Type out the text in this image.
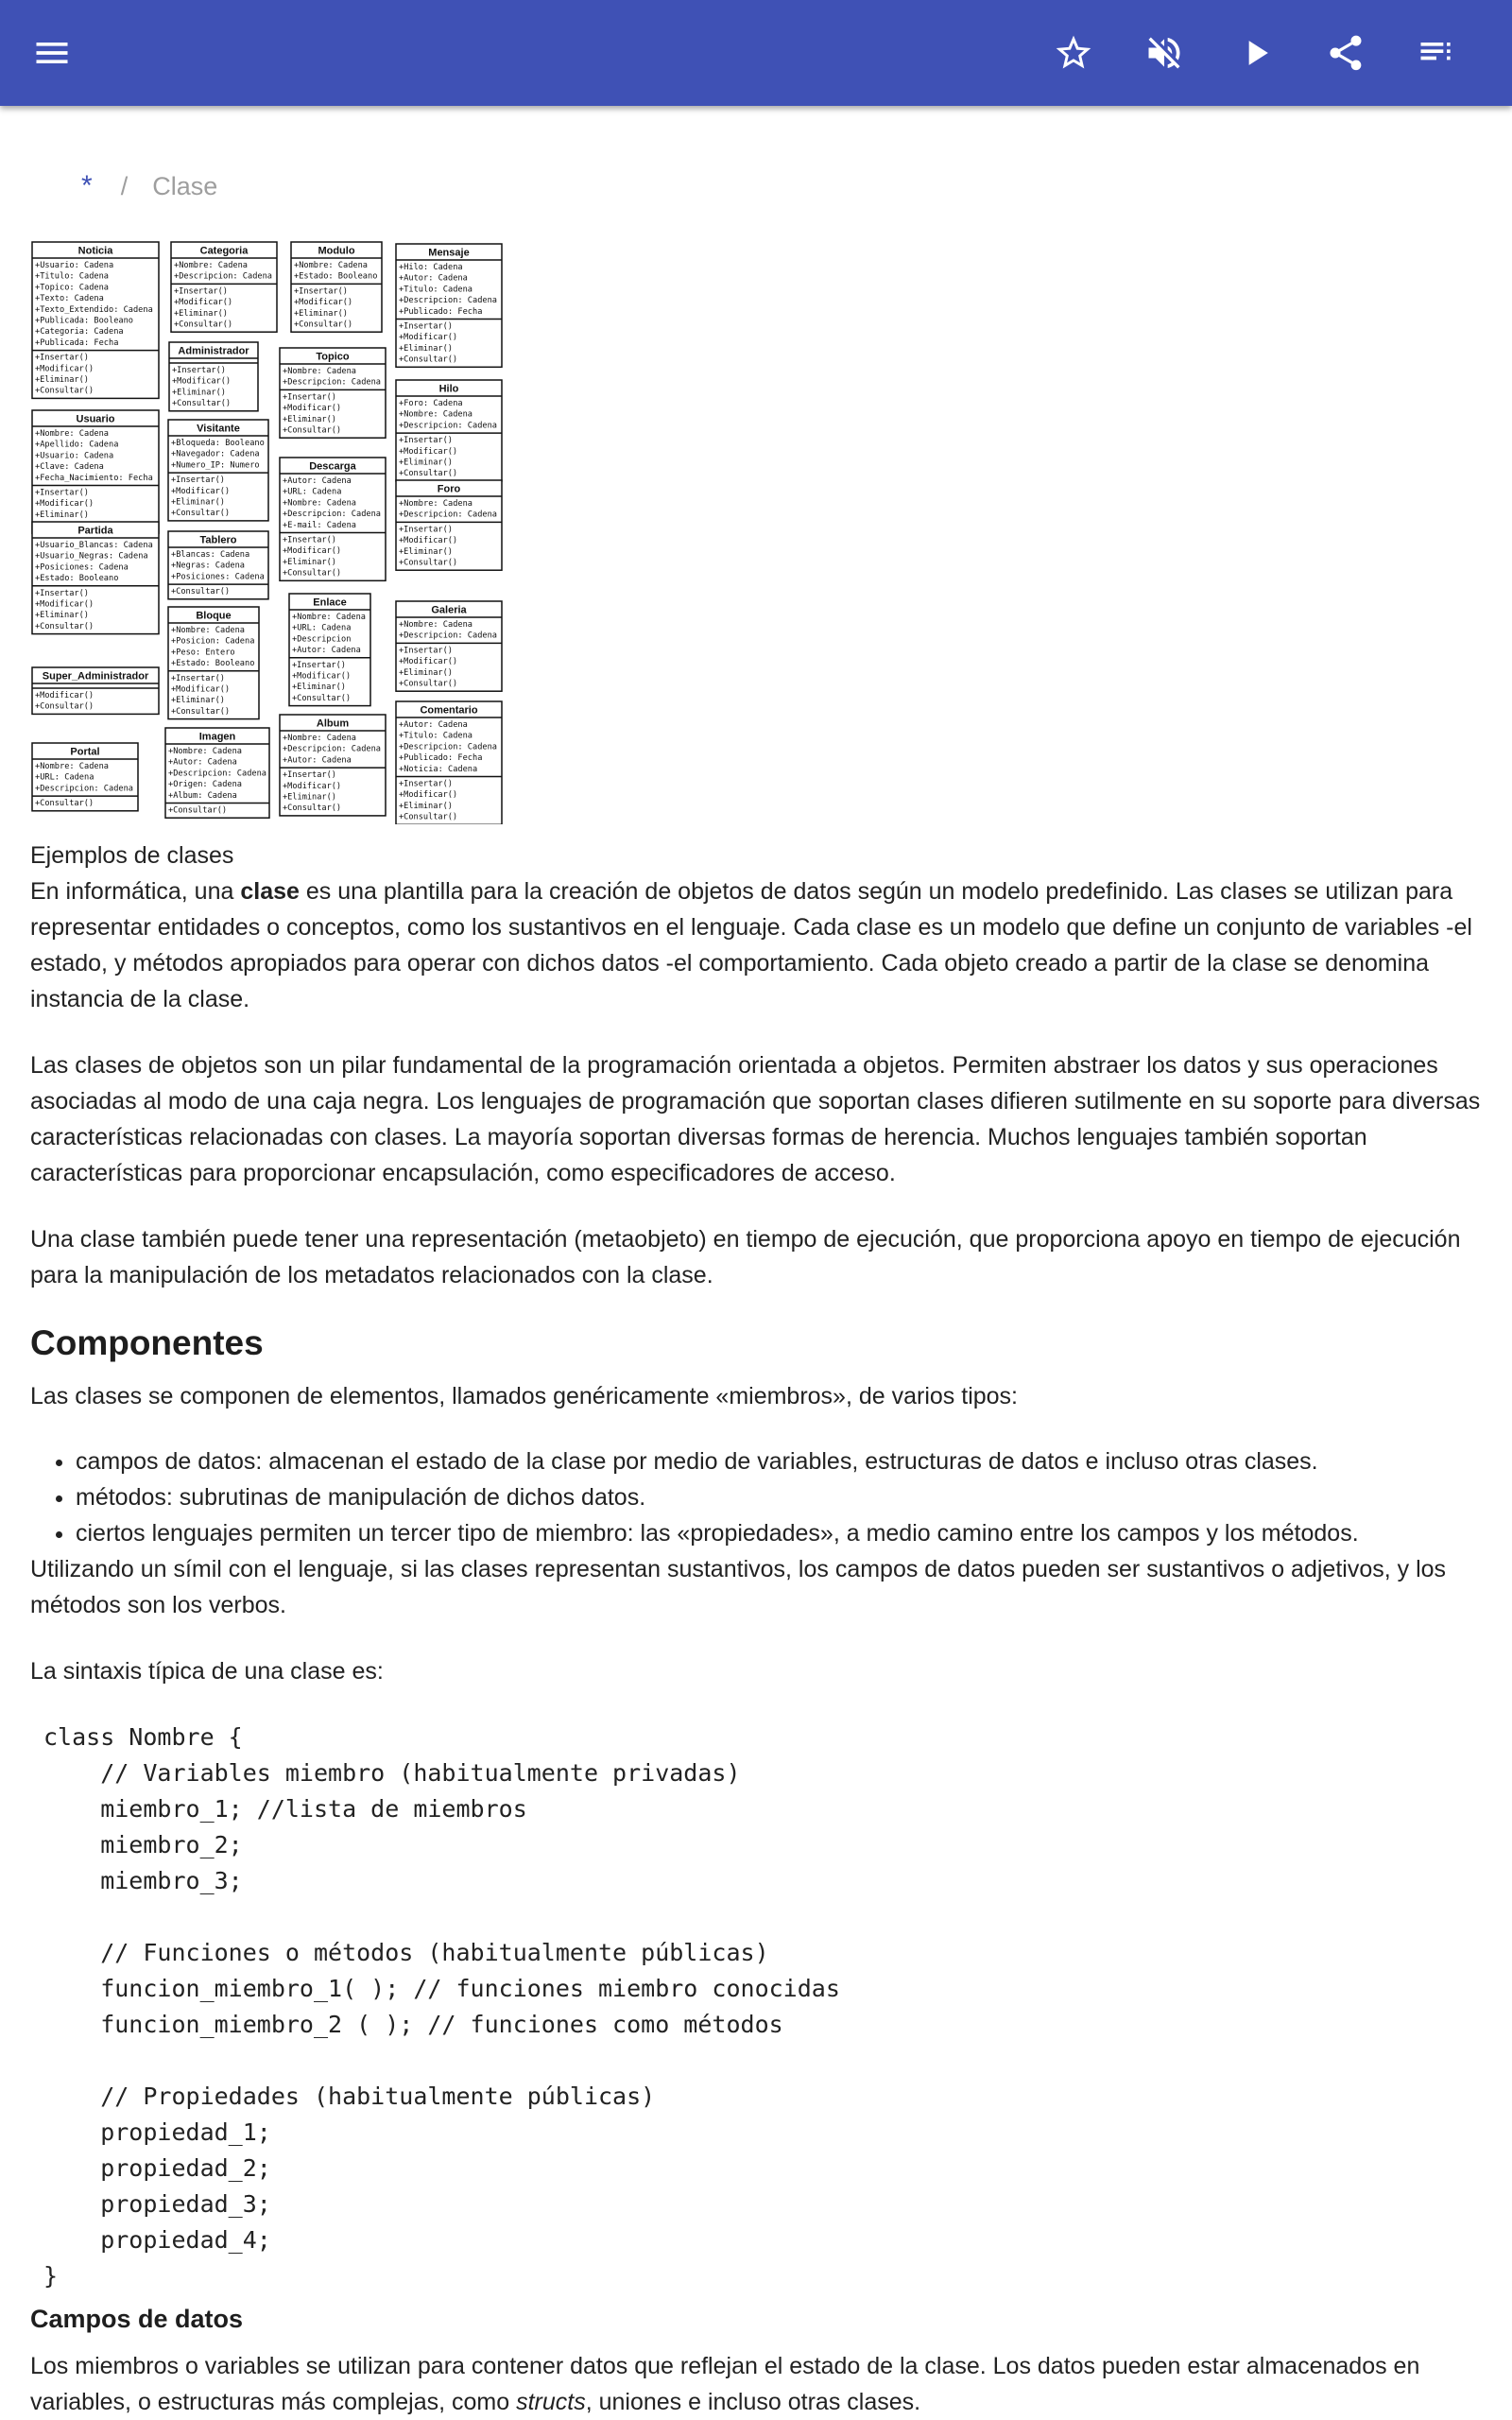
* / Clase
Noticia
+Usuario: Cadena
+Titulo: Cadena
+Topico: Cadena
+Texto: Cadena
+Texto_Extendido: Cadena
+Publicada: Booleano
+Categoria: Cadena
+Publicada: Fecha
+Insertar()
+Modificar()
+Eliminar()
+Consultar()
Categoria
+Nombre: Cadena
+Descripcion: Cadena
+Insertar()
+Modificar()
+Eliminar()
+Consultar()
Modulo
+Nombre: Cadena
+Estado: Booleano
+Insertar()
+Modificar()
+Eliminar()
+Consultar()
Mensaje
+Hilo: Cadena
+Autor: Cadena
+Titulo: Cadena
+Descripcion: Cadena
+Publicado: Fecha
+Insertar()
+Modificar()
+Eliminar()
+Consultar()
Administrador
+Insertar()
+Modificar()
+Eliminar()
+Consultar()
Topico
+Nombre: Cadena
+Descripcion: Cadena
+Insertar()
+Modificar()
+Eliminar()
+Consultar()
Hilo
+Foro: Cadena
+Nombre: Cadena
+Descripcion: Cadena
+Insertar()
+Modificar()
+Eliminar()
+Consultar()
Usuario
+Nombre: Cadena
+Apellido: Cadena
+Usuario: Cadena
+Clave: Cadena
+Fecha_Nacimiento: Fecha
+Insertar()
+Modificar()
+Eliminar()
Visitante
+Bloqueda: Booleano
+Navegador: Cadena
+Numero_IP: Numero
+Insertar()
+Modificar()
+Eliminar()
+Consultar()
Descarga
+Autor: Cadena
+URL: Cadena
+Nombre: Cadena
+Descripcion: Cadena
+E-mail: Cadena
+Insertar()
+Modificar()
+Eliminar()
+Consultar()
Foro
+Nombre: Cadena
+Descripcion: Cadena
+Insertar()
+Modificar()
+Eliminar()
+Consultar()
Partida
+Usuario_Blancas: Cadena
+Usuario_Negras: Cadena
+Posiciones: Cadena
+Estado: Booleano
+Insertar()
+Modificar()
+Eliminar()
+Consultar()
Tablero
+Blancas: Cadena
+Negras: Cadena
+Posiciones: Cadena
+Consultar()
Enlace
+Nombre: Cadena
+URL: Cadena
+Descripcion
+Autor: Cadena
+Insertar()
+Modificar()
+Eliminar()
+Consultar()
Galeria
+Nombre: Cadena
+Descripcion: Cadena
+Insertar()
+Modificar()
+Eliminar()
+Consultar()
Bloque
+Nombre: Cadena
+Posicion: Cadena
+Peso: Entero
+Estado: Booleano
+Insertar()
+Modificar()
+Eliminar()
+Consultar()
Super_Administrador
+Modificar()
+Consultar()	Comentario
+Autor: Cadena
+Titulo: Cadena
+Descripcion: Cadena
+Publicado: Fecha
+Noticia: Cadena
+Insertar()
+Modificar()
+Eliminar()
+Consultar()
Album
+Nombre: Cadena
+Descripcion: Cadena
+Autor: Cadena
+Insertar()
+Modificar()
+Eliminar()
+Consultar()
Imagen
+Nombre: Cadena
+Autor: Cadena
+Descripcion: Cadena
+Origen: Cadena
+Album: Cadena
+Consultar()
Portal
+Nombre: Cadena
+URL: Cadena
+Descripcion: Cadena
+Consultar()
Ejemplos de clases

En informática, una clase es una plantilla para la creación de objetos de datos según un modelo predefinido. Las clases se utilizan para representar entidades o conceptos, como los sustantivos en el lenguaje. Cada clase es un modelo que define un conjunto de variables -el estado, y métodos apropiados para operar con dichos datos -el comportamiento. Cada objeto creado a partir de la clase se denomina instancia de la clase.

Las clases de objetos son un pilar fundamental de la programación orientada a objetos. Permiten abstraer los datos y sus operaciones asociadas al modo de una caja negra. Los lenguajes de programación que soportan clases difieren sutilmente en su soporte para diversas características relacionadas con clases. La mayoría soportan diversas formas de herencia. Muchos lenguajes también soportan características para proporcionar encapsulación, como especificadores de acceso.

Una clase también puede tener una representación (metaobjeto) en tiempo de ejecución, que proporciona apoyo en tiempo de ejecución para la manipulación de los metadatos relacionados con la clase.

Componentes

Las clases se componen de elementos, llamados genéricamente «miembros», de varios tipos:

• campos de datos: almacenan el estado de la clase por medio de variables, estructuras de datos e incluso otras clases.
• métodos: subrutinas de manipulación de dichos datos.
• ciertos lenguajes permiten un tercer tipo de miembro: las «propiedades», a medio camino entre los campos y los métodos.

Utilizando un símil con el lenguaje, si las clases representan sustantivos, los campos de datos pueden ser sustantivos o adjetivos, y los métodos son los verbos.

La sintaxis típica de una clase es:

class Nombre {
// Variables miembro (habitualmente privadas)
miembro_1; //lista de miembros
miembro_2;
miembro_3;

// Funciones o métodos (habitualmente públicas)
funcion_miembro_1( ); // funciones miembro conocidas
funcion_miembro_2 ( ); // funciones como métodos

// Propiedades (habitualmente públicas)
propiedad_1;
propiedad_2;
propiedad_3;
propiedad_4;
}
Campos de datos

Los miembros o variables se utilizan para contener datos que reflejan el estado de la clase. Los datos pueden estar almacenados en variables, o estructuras más complejas, como structs, uniones e incluso otras clases.
